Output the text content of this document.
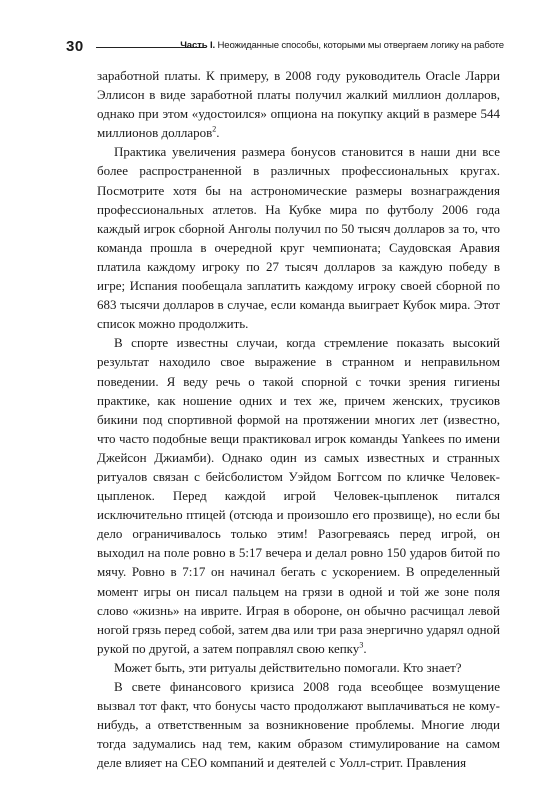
30	Часть I. Неожиданные способы, которыми мы отвергаем логику на работе

заработной платы. К примеру, в 2008 году руководитель Oracle Ларри Эллисон в виде заработной платы получил жалкий миллион долларов, однако при этом «удостоился» опциона на покупку акций в размере 544 миллионов долларов$^2$.

Практика увеличения размера бонусов становится в наши дни все более распространенной в различных профессиональных кругах. Посмотрите хотя бы на астрономические размеры вознаграждения профессиональных атлетов. На Кубке мира по футболу 2006 года каждый игрок сборной Анголы получил по 50 тысяч долларов за то, что команда прошла в очередной круг чемпионата; Саудовская Аравия платила каждому игроку по 27 тысяч долларов за каждую победу в игре; Испания пообещала заплатить каждому игроку своей сборной по 683 тысячи долларов в случае, если команда выиграет Кубок мира. Этот список можно продолжить.

В спорте известны случаи, когда стремление показать высокий результат находило свое выражение в странном и неправильном поведении. Я веду речь о такой спорной с точки зрения гигиены практике, как ношение одних и тех же, причем женских, трусиков бикини под спортивной формой на протяжении многих лет (известно, что часто подобные вещи практиковал игрок команды Yankees по имени Джейсон Джиамби). Однако один из самых известных и странных ритуалов связан с бейсболистом Уэйдом Боггсом по кличке Человек-цыпленок. Перед каждой игрой Человек-цыпленок питался исключительно птицей (отсюда и произошло его прозвище), но если бы дело ограничивалось только этим! Разогреваясь перед игрой, он выходил на поле ровно в 5:17 вечера и делал ровно 150 ударов битой по мячу. Ровно в 7:17 он начинал бегать с ускорением. В определенный момент игры он писал пальцем на грязи в одной и той же зоне поля слово «жизнь» на иврите. Играя в обороне, он обычно расчищал левой ногой грязь перед собой, затем два или три раза энергично ударял одной рукой по другой, а затем поправлял свою кепку$^3$.

Может быть, эти ритуалы действительно помогали. Кто знает?

В свете финансового кризиса 2008 года всеобщее возмущение вызвал тот факт, что бонусы часто продолжают выплачиваться не кому-нибудь, а ответственным за возникновение проблемы. Многие люди тогда задумались над тем, каким образом стимулирование на самом деле влияет на CEO компаний и деятелей с Уолл-стрит. Правления
